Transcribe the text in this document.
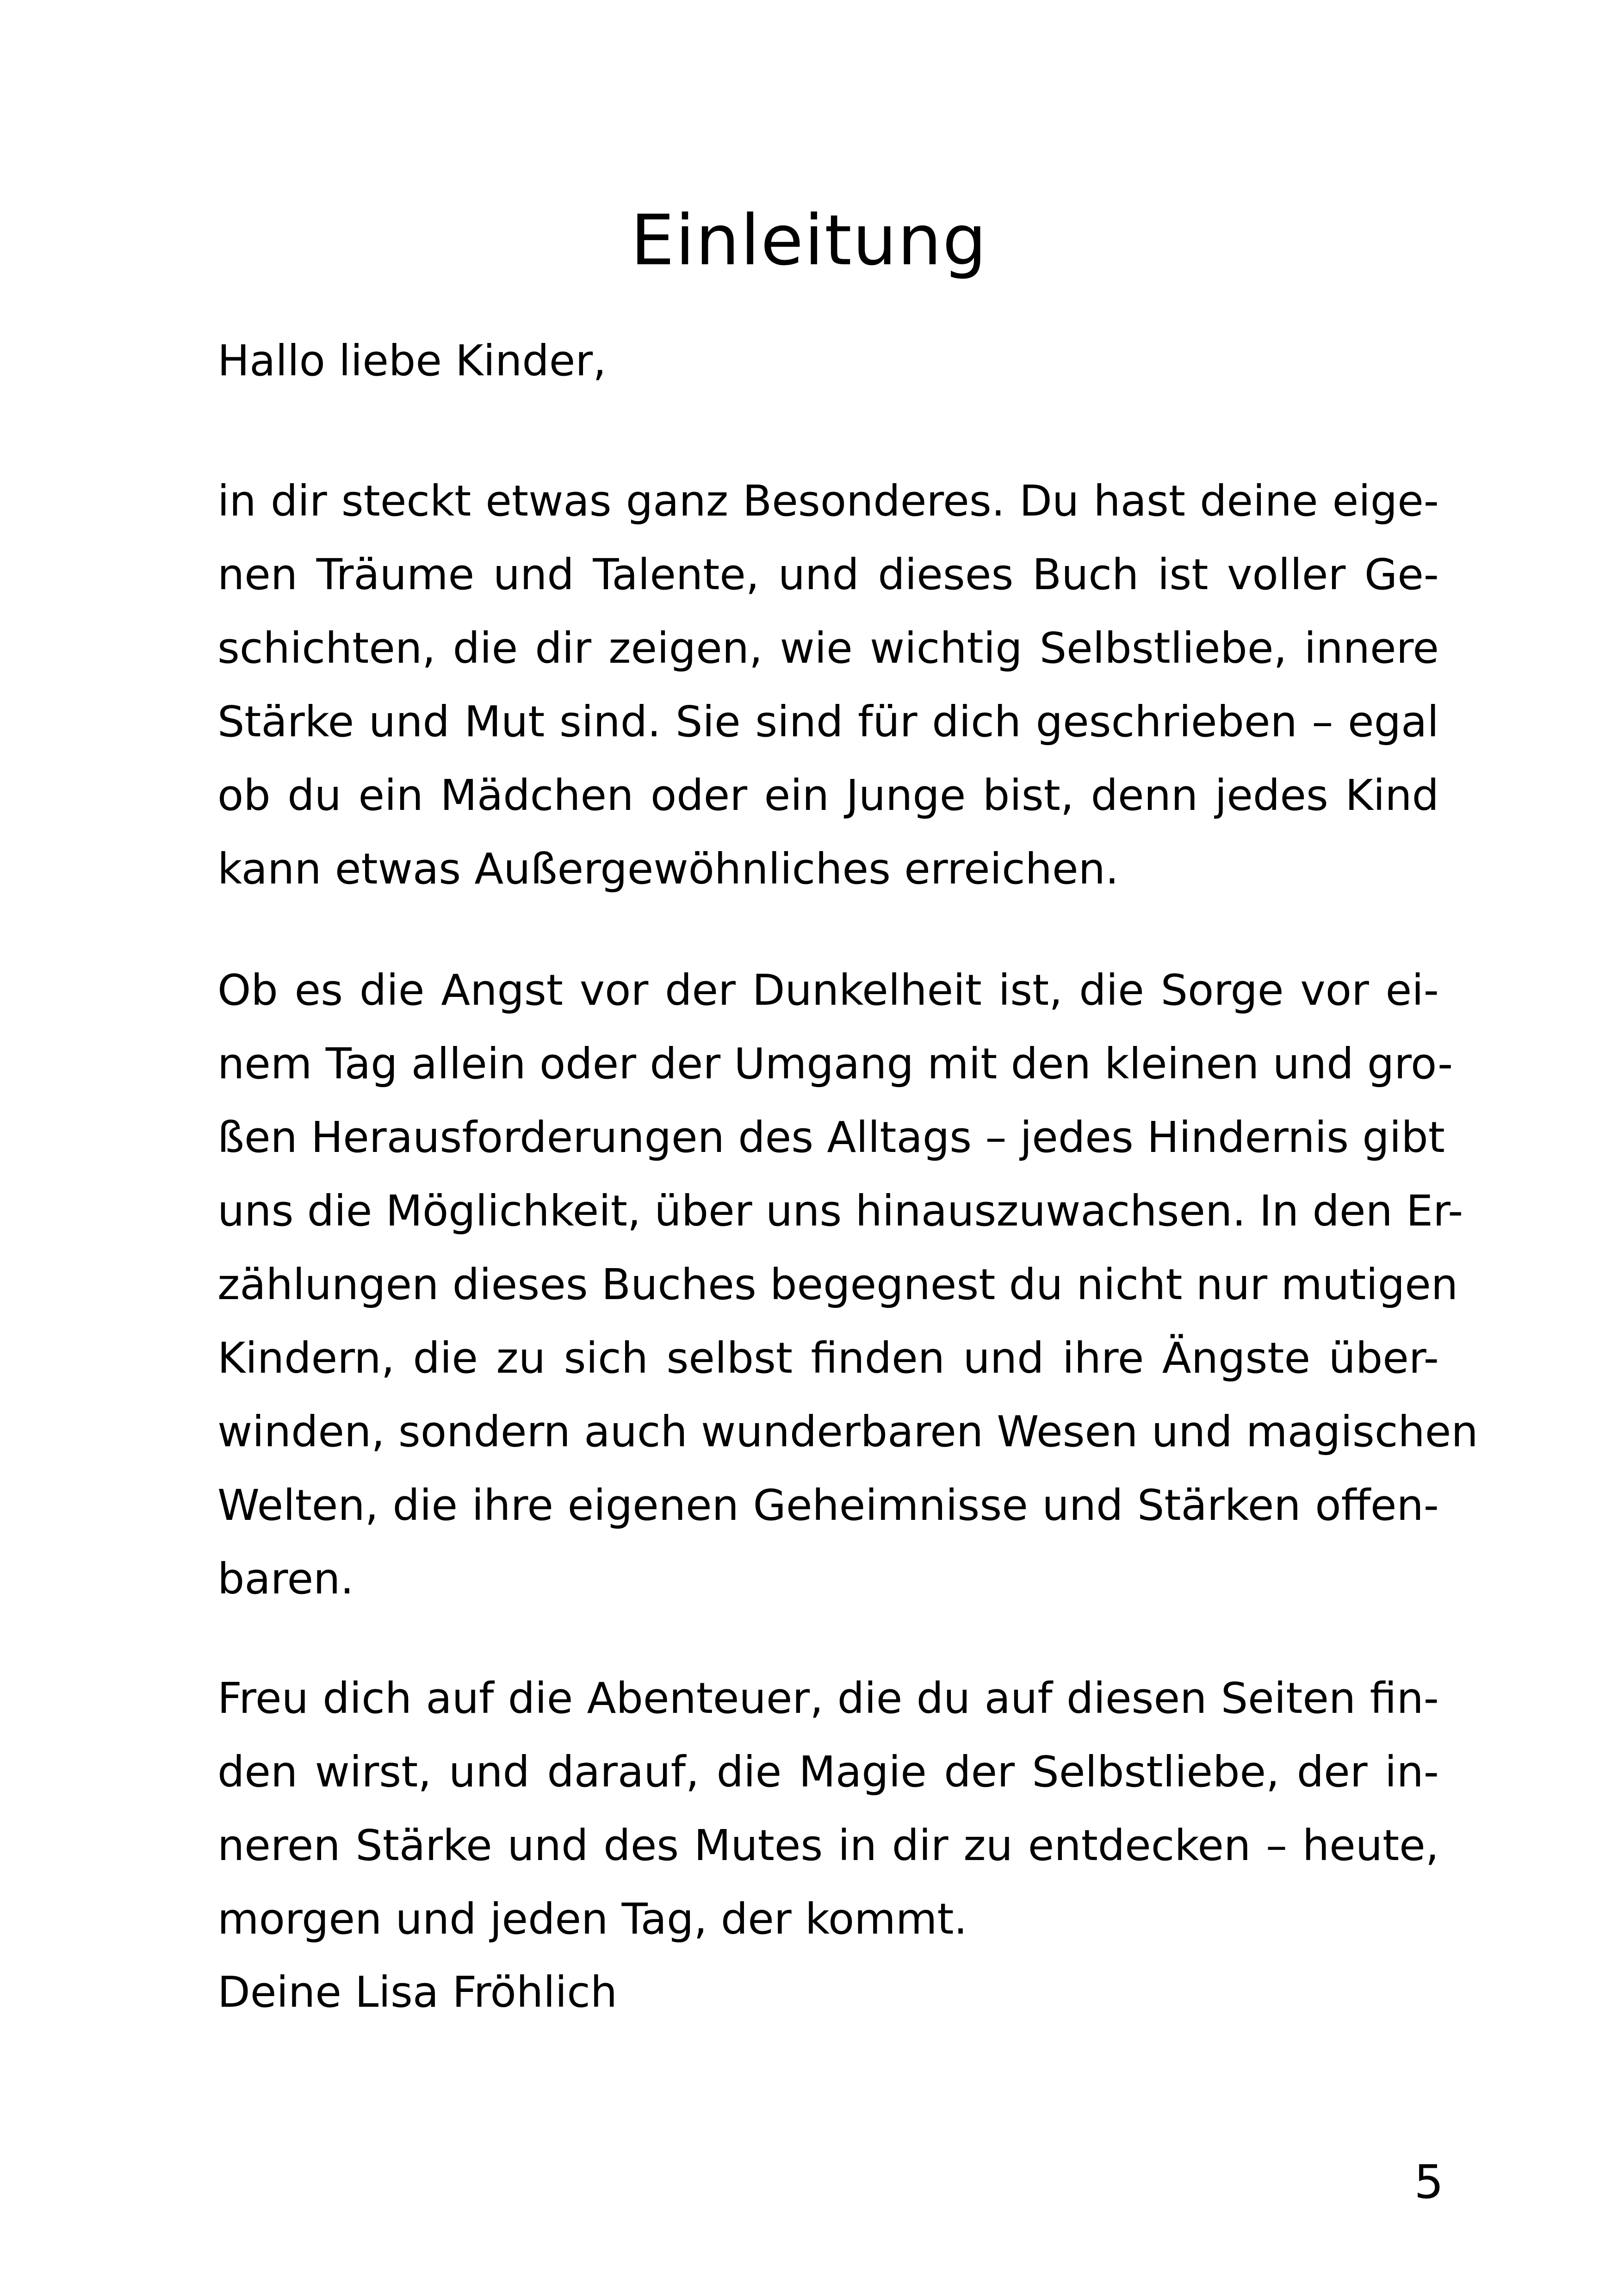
Einleitung

Hallo liebe Kinder,

in dir steckt etwas ganz Besonderes. Du hast deine eige-
nen Träume und Talente, und dieses Buch ist voller Ge-
schichten, die dir zeigen, wie wichtig Selbstliebe, innere
Stärke und Mut sind. Sie sind für dich geschrieben – egal
ob du ein Mädchen oder ein Junge bist, denn jedes Kind
kann etwas Außergewöhnliches erreichen.
Ob es die Angst vor der Dunkelheit ist, die Sorge vor ei-
nem Tag allein oder der Umgang mit den kleinen und gro-
ßen Herausforderungen des Alltags – jedes Hindernis gibt
uns die Möglichkeit, über uns hinauszuwachsen. In den Er-
zählungen dieses Buches begegnest du nicht nur mutigen
Kindern, die zu sich selbst finden und ihre Ängste über-
winden, sondern auch wunderbaren Wesen und magischen
Welten, die ihre eigenen Geheimnisse und Stärken offen-
baren.
Freu dich auf die Abenteuer, die du auf diesen Seiten fin-
den wirst, und darauf, die Magie der Selbstliebe, der in-
neren Stärke und des Mutes in dir zu entdecken – heute,
morgen und jeden Tag, der kommt.

Deine Lisa Fröhlich

5
